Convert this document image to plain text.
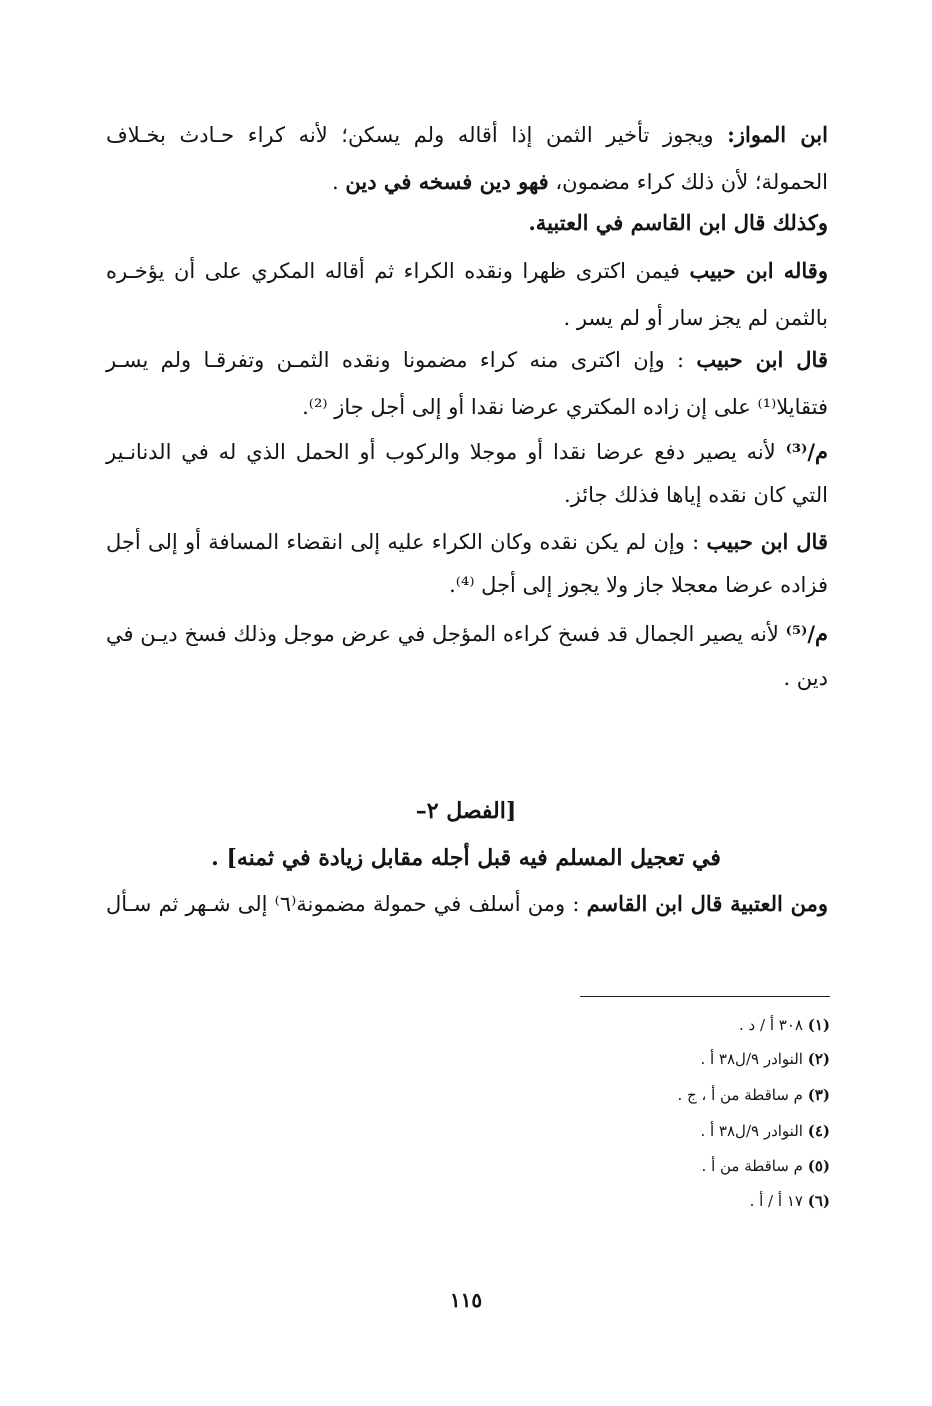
ابن المواز: ويجوز تأخير الثمن إذا أقاله ولم يسكن؛ لأنه كراء حـادث بخـلاف
الحمولة؛ لأن ذلك كراء مضمون، فهو دين فسخه في دين .
وكذلك قال ابن القاسم في العتبية.
وقاله ابن حبيب فيمن اكترى ظهرا ونقده الكراء ثم أقاله المكري على أن يؤخـره
بالثمن لم يجز سار أو لم يسر .
قال ابن حبيب : وإن اكترى منه كراء مضمونا ونقده الثمـن وتفرقـا ولم يسـر
فتقايلا⁽¹⁾ على إن زاده المكتري عرضا نقدا أو إلى أجل جاز ⁽²⁾.
م/⁽³⁾ لأنه يصير دفع عرضا نقدا أو موجلا والركوب أو الحمل الذي له في الدنانـير
التي كان نقده إياها فذلك جائز.
قال ابن حبيب : وإن لم يكن نقده وكان الكراء عليه إلى انقضاء المسافة أو إلى أجل
فزاده عرضا معجلا جاز ولا يجوز إلى أجل ⁽⁴⁾.
م/⁽⁵⁾ لأنه يصير الجمال قد فسخ كراءه المؤجل في عرض موجل وذلك فسخ ديـن في
دين .
[الفصل ٢–
في تعجيل المسلم فيه قبل أجله مقابل زيادة في ثمنه] .
ومن العتبية قال ابن القاسم : ومن أسلف في حمولة مضمونة⁽٦⁾ إلى شـهر ثم سـأل
(١) ٣٠٨ أ / د .
(٢) النوادر ٩/ل٣٨ أ .
(٣) م ساقطة من أ ، ج .
(٤) النوادر ٩/ل٣٨ أ .
(٥) م ساقطة من أ .
(٦) ١٧ أ / أ .
١١٥
